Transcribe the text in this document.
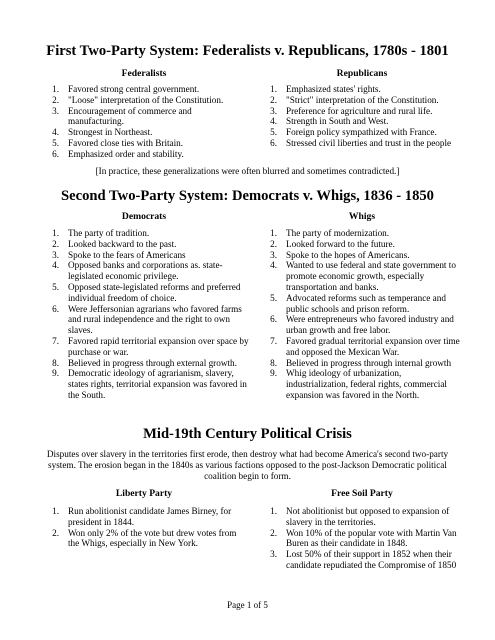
First Two-Party System: Federalists v. Republicans, 1780s - 1801
Federalists	Republicans
1. Favored strong central government.
2. "Loose" interpretation of the Constitution.
3. Encouragement of commerce and manufacturing.
4. Strongest in Northeast.
5. Favored close ties with Britain.
6. Emphasized order and stability.
1. Emphasized states' rights.
2. "Strict" interpretation of the Constitution.
3. Preference for agriculture and rural life.
4. Strength in South and West.
5. Foreign policy sympathized with France.
6. Stressed civil liberties and trust in the people
[In practice, these generalizations were often blurred and sometimes contradicted.]
Second Two-Party System: Democrats v. Whigs, 1836 - 1850
Democrats	Whigs
1. The party of tradition.
2. Looked backward to the past.
3. Spoke to the fears of Americans
4. Opposed banks and corporations as. state-legislated economic privilege.
5. Opposed state-legislated reforms and preferred individual freedom of choice.
6. Were Jeffersonian agrarians who favored farms and rural independence and the right to own slaves.
7. Favored rapid territorial expansion over space by purchase or war.
8. Believed in progress through external growth.
9. Democratic ideology of agrarianism, slavery, states rights, territorial expansion was favored in the South.
1. The party of modernization.
2. Looked forward to the future.
3. Spoke to the hopes of Americans.
4. Wanted to use federal and state government to promote economic growth, especially transportation and banks.
5. Advocated reforms such as temperance and public schools and prison reform.
6. Were entrepreneurs who favored industry and urban growth and free labor.
7. Favored gradual territorial expansion over time and opposed the Mexican War.
8. Believed in progress through internal growth
9. Whig ideology of urbanization, industrialization, federal rights, commercial expansion was favored in the North.
Mid-19th Century Political Crisis
Disputes over slavery in the territories first erode, then destroy what had become America's second two-party system. The erosion began in the 1840s as various factions opposed to the post-Jackson Democratic political coalition begin to form.
Liberty Party	Free Soil Party
1. Run abolitionist candidate James Birney, for president in 1844.
2. Won only 2% of the vote but drew votes from the Whigs, especially in New York.
1. Not abolitionist but opposed to expansion of slavery in the territories.
2. Won 10% of the popular vote with Martin Van Buren as their candidate in 1848.
3. Lost 50% of their support in 1852 when their candidate repudiated the Compromise of 1850
Page 1 of 5
